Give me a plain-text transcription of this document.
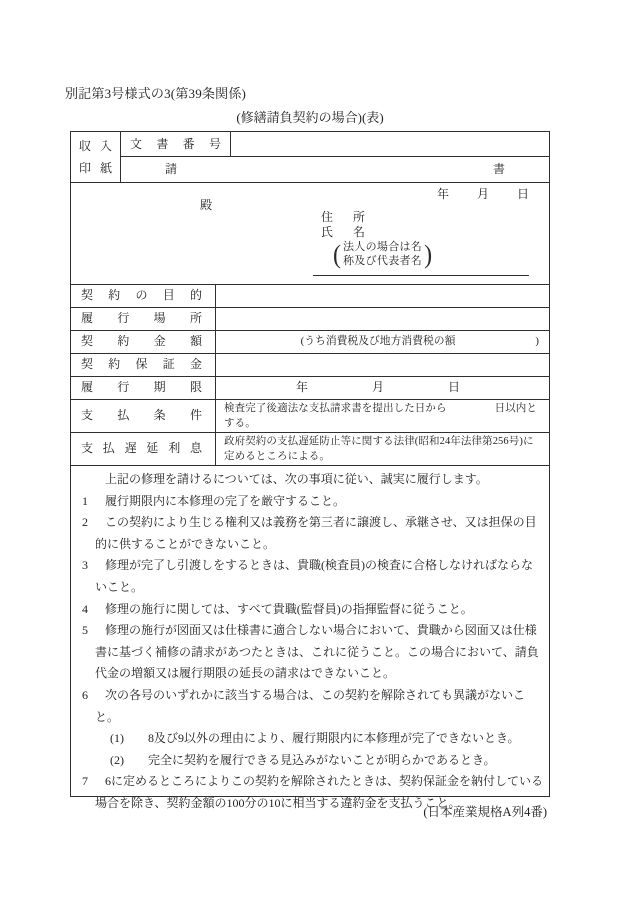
別記第3号様式の3(第39条関係)
(修繕請負契約の場合)(表)
収入
印紙
文書番号
請書
年 月 日
殿
住所
氏名
( 法人の場合は名
称及び代表者名 )
契約の目的
履行場所
契約金額	(うち消費税及び地方消費税の額	)
契約保証金
履行期限	年	月	日
支払条件	検査完了後適法な支払請求書を提出した日から	日以内とする。
支払遅延利息	政府契約の支払遅延防止等に関する法律(昭和24年法律第256号)に定めるところによる。

上記の修理を請けるについては、次の事項に従い、誠実に履行します。

1 履行期限内に本修理の完了を厳守すること。

2 この契約により生じる権利又は義務を第三者に譲渡し、承継させ、又は担保の目的に供することができないこと。

3 修理が完了し引渡しをするときは、貴職(検査員)の検査に合格しなければならないこと。

4 修理の施行に関しては、すべて貴職(監督員)の指揮監督に従うこと。

5 修理の施行が図面又は仕様書に適合しない場合において、貴職から図面又は仕様書に基づく補修の請求があつたときは、これに従うこと。この場合において、請負代金の増額又は履行期限の延長の請求はできないこと。

6 次の各号のいずれかに該当する場合は、この契約を解除されても異議がないこと。

(1) 8及び9以外の理由により、履行期限内に本修理が完了できないとき。

(2) 完全に契約を履行できる見込みがないことが明らかであるとき。

7 6に定めるところによりこの契約を解除されたときは、契約保証金を納付している場合を除き、契約金額の100分の10に相当する違約金を支払うこと。

(日本産業規格A列4番)
